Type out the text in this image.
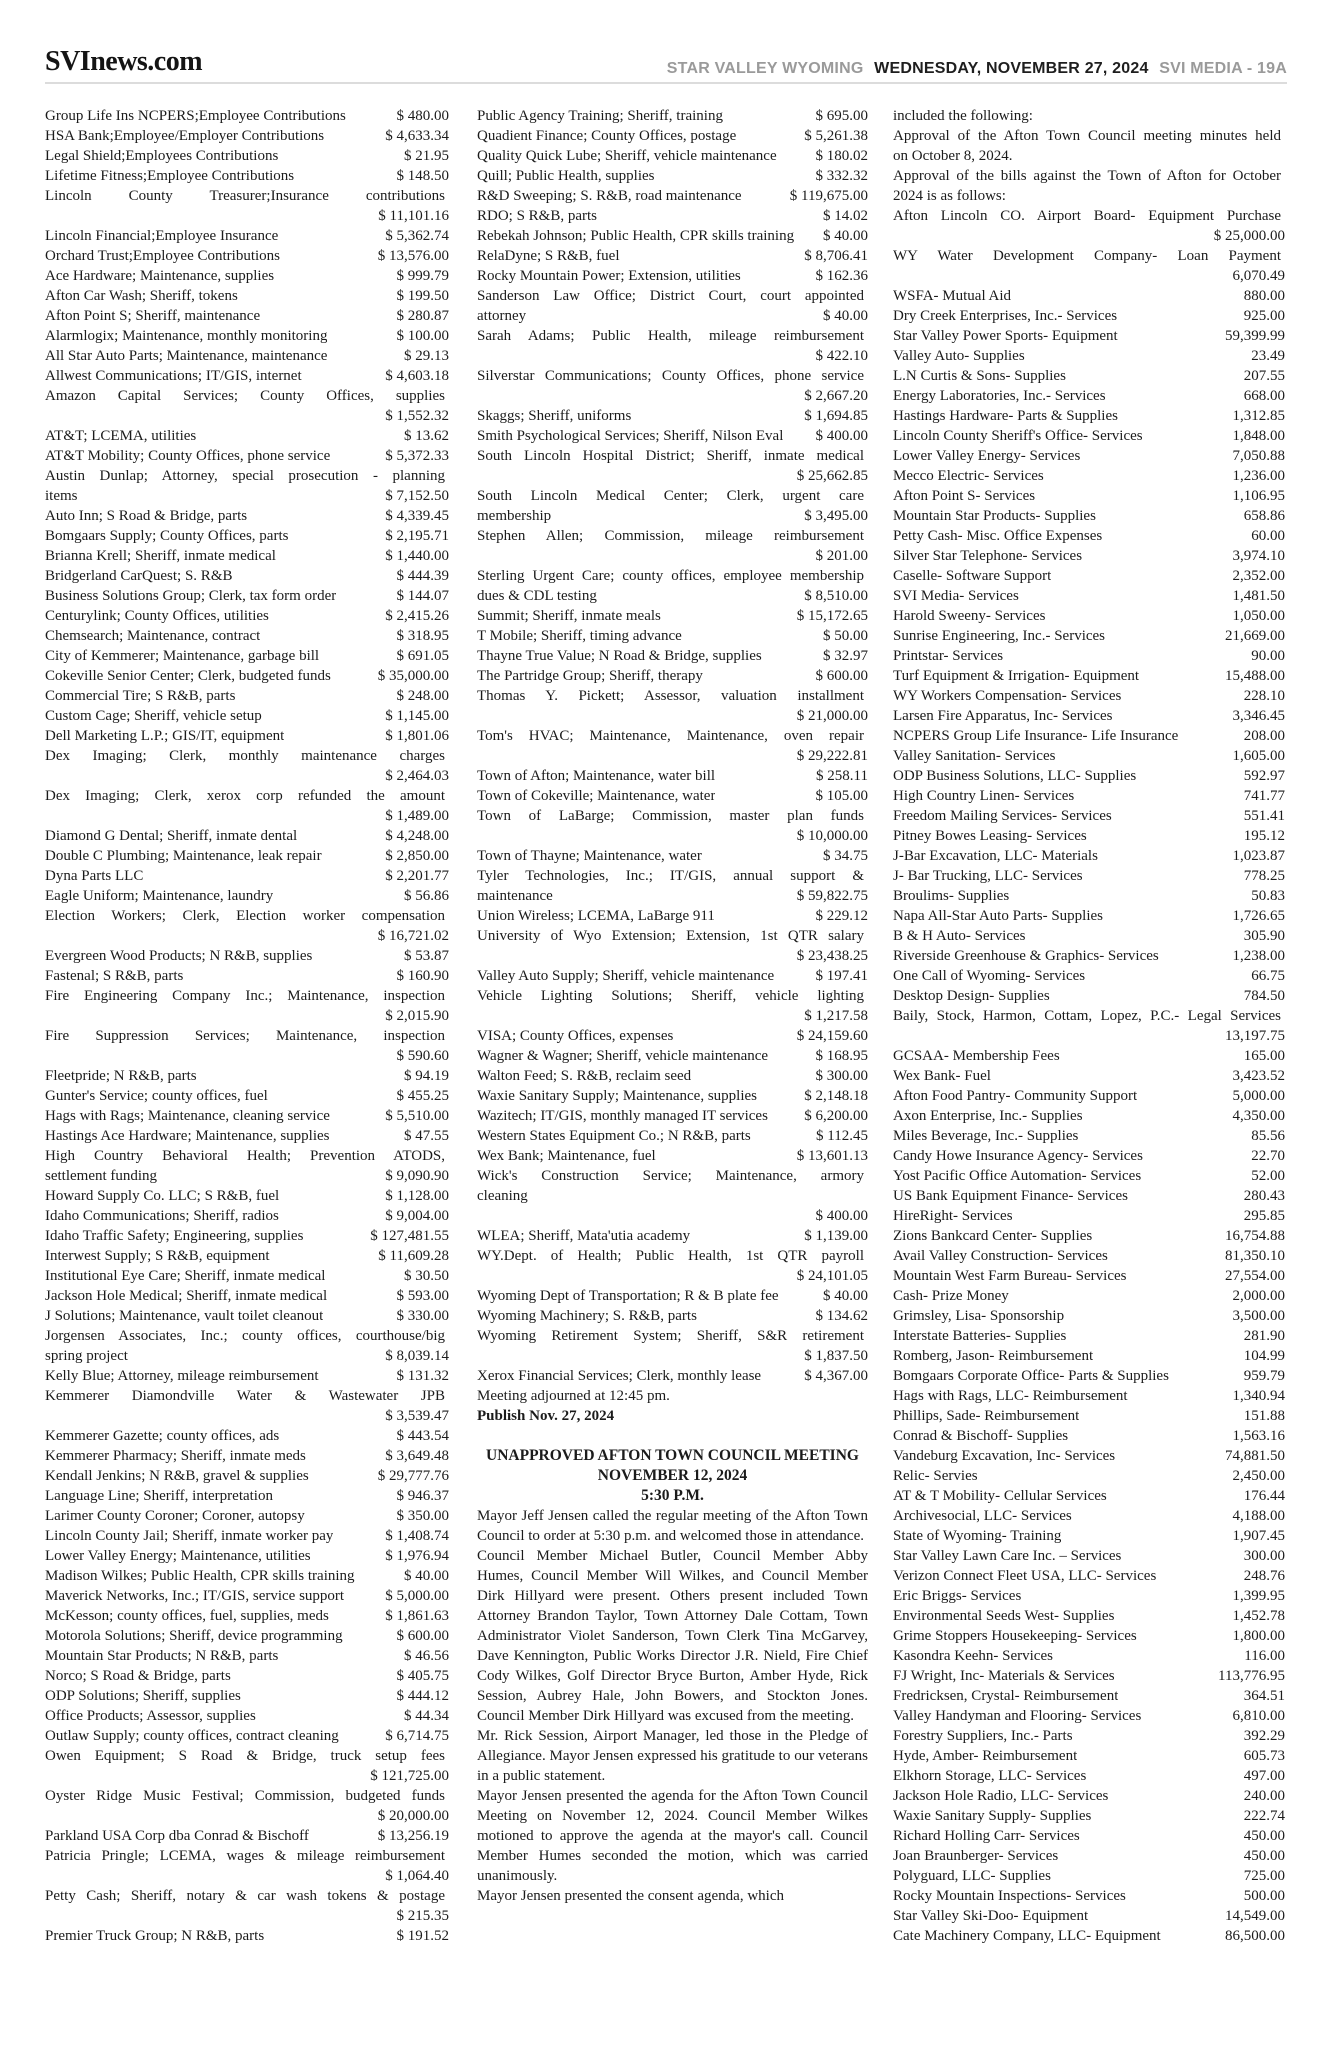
SVInews.com	STAR VALLEY WYOMING WEDNESDAY, NOVEMBER 27, 2024 SVI MEDIA - 19A
Group Life Ins NCPERS;Employee Contributions	$ 480.00
HSA Bank;Employee/Employer Contributions	$ 4,633.34
Legal Shield;Employees Contributions	$ 21.95
Lifetime Fitness;Employee Contributions	$ 148.50
Lincoln County Treasurer;Insurance contributions
$ 11,101.16
Lincoln Financial;Employee Insurance	$ 5,362.74
Orchard Trust;Employee Contributions	$ 13,576.00
Ace Hardware; Maintenance, supplies	$ 999.79
Afton Car Wash; Sheriff, tokens	$ 199.50
Afton Point S; Sheriff, maintenance	$ 280.87
Alarmlogix; Maintenance, monthly monitoring	$ 100.00
All Star Auto Parts; Maintenance, maintenance	$ 29.13
Allwest Communications; IT/GIS, internet	$ 4,603.18
Amazon Capital Services; County Offices, supplies
$ 1,552.32
AT&T; LCEMA, utilities	$ 13.62
AT&T Mobility; County Offices, phone service	$ 5,372.33
Austin Dunlap; Attorney, special prosecution - planning
items	$ 7,152.50
Auto Inn; S Road & Bridge, parts	$ 4,339.45
Bomgaars Supply; County Offices, parts	$ 2,195.71
Brianna Krell; Sheriff, inmate medical	$ 1,440.00
Bridgerland CarQuest; S. R&B	$ 444.39
Business Solutions Group; Clerk, tax form order	$ 144.07
Centurylink; County Offices, utilities	$ 2,415.26
Chemsearch; Maintenance, contract	$ 318.95
City of Kemmerer; Maintenance, garbage bill	$ 691.05
Cokeville Senior Center; Clerk, budgeted funds	$ 35,000.00
Commercial Tire; S R&B, parts	$ 248.00
Custom Cage; Sheriff, vehicle setup	$ 1,145.00
Dell Marketing L.P.; GIS/IT, equipment	$ 1,801.06
Dex Imaging; Clerk, monthly maintenance charges
$ 2,464.03
Dex Imaging; Clerk, xerox corp refunded the amount
$ 1,489.00
Diamond G Dental; Sheriff, inmate dental	$ 4,248.00
Double C Plumbing; Maintenance, leak repair	$ 2,850.00
Dyna Parts LLC	$ 2,201.77
Eagle Uniform; Maintenance, laundry	$ 56.86
Election Workers; Clerk, Election worker compensation
$ 16,721.02
Evergreen Wood Products; N R&B, supplies	$ 53.87
Fastenal; S R&B, parts	$ 160.90
Fire Engineering Company Inc.; Maintenance, inspection
$ 2,015.90
Fire Suppression Services; Maintenance, inspection
$ 590.60
Fleetpride; N R&B, parts	$ 94.19
Gunter's Service; county offices, fuel	$ 455.25
Hags with Rags; Maintenance, cleaning service	$ 5,510.00
Hastings Ace Hardware; Maintenance, supplies	$ 47.55
High Country Behavioral Health; Prevention ATODS,
settlement funding	$ 9,090.90
Howard Supply Co. LLC; S R&B, fuel	$ 1,128.00
Idaho Communications; Sheriff, radios	$ 9,004.00
Idaho Traffic Safety; Engineering, supplies	$ 127,481.55
Interwest Supply; S R&B, equipment	$ 11,609.28
Institutional Eye Care; Sheriff, inmate medical	$ 30.50
Jackson Hole Medical; Sheriff, inmate medical	$ 593.00
J Solutions; Maintenance, vault toilet cleanout	$ 330.00
Jorgensen Associates, Inc.; county offices, courthouse/big
spring project	$ 8,039.14
Kelly Blue; Attorney, mileage reimbursement	$ 131.32
Kemmerer Diamondville Water & Wastewater JPB
$ 3,539.47
Kemmerer Gazette; county offices, ads	$ 443.54
Kemmerer Pharmacy; Sheriff, inmate meds	$ 3,649.48
Kendall Jenkins; N R&B, gravel & supplies	$ 29,777.76
Language Line; Sheriff, interpretation	$ 946.37
Larimer County Coroner; Coroner, autopsy	$ 350.00
Lincoln County Jail; Sheriff, inmate worker pay	$ 1,408.74
Lower Valley Energy; Maintenance, utilities	$ 1,976.94
Madison Wilkes; Public Health, CPR skills training	$ 40.00
Maverick Networks, Inc.; IT/GIS, service support	$ 5,000.00
McKesson; county offices, fuel, supplies, meds	$ 1,861.63
Motorola Solutions; Sheriff, device programming	$ 600.00
Mountain Star Products; N R&B, parts	$ 46.56
Norco; S Road & Bridge, parts	$ 405.75
ODP Solutions; Sheriff, supplies	$ 444.12
Office Products; Assessor, supplies	$ 44.34
Outlaw Supply; county offices, contract cleaning	$ 6,714.75
Owen Equipment; S Road & Bridge, truck setup fees
$ 121,725.00
Oyster Ridge Music Festival; Commission, budgeted funds
$ 20,000.00
Parkland USA Corp dba Conrad & Bischoff	$ 13,256.19
Patricia Pringle; LCEMA, wages & mileage reimbursement
$ 1,064.40
Petty Cash; Sheriff, notary & car wash tokens & postage
$ 215.35
Premier Truck Group; N R&B, parts	$ 191.52
Public Agency Training; Sheriff, training	$ 695.00
Quadient Finance; County Offices, postage	$ 5,261.38
Quality Quick Lube; Sheriff, vehicle maintenance	$ 180.02
Quill; Public Health, supplies	$ 332.32
R&D Sweeping; S. R&B, road maintenance	$ 119,675.00
RDO; S R&B, parts	$ 14.02
Rebekah Johnson; Public Health, CPR skills training $ 40.00
RelaDyne; S R&B, fuel	$ 8,706.41
Rocky Mountain Power; Extension, utilities	$ 162.36
Sanderson Law Office; District Court, court appointed
attorney	$ 40.00
Sarah Adams; Public Health, mileage reimbursement
$ 422.10
Silverstar Communications; County Offices, phone service
$ 2,667.20
Skaggs; Sheriff, uniforms	$ 1,694.85
Smith Psychological Services; Sheriff, Nilson Eval $ 400.00
South Lincoln Hospital District; Sheriff, inmate medical
$ 25,662.85
South Lincoln Medical Center; Clerk, urgent care
membership	$ 3,495.00
Stephen Allen; Commission, mileage reimbursement
$ 201.00
Sterling Urgent Care; county offices, employee membership
dues & CDL testing	$ 8,510.00
Summit; Sheriff, inmate meals	$ 15,172.65
T Mobile; Sheriff, timing advance	$ 50.00
Thayne True Value; N Road & Bridge, supplies	$ 32.97
The Partridge Group; Sheriff, therapy	$ 600.00
Thomas Y. Pickett; Assessor, valuation installment
$ 21,000.00
Tom's HVAC; Maintenance, Maintenance, oven repair
$ 29,222.81
Town of Afton; Maintenance, water bill	$ 258.11
Town of Cokeville; Maintenance, water	$ 105.00
Town of LaBarge; Commission, master plan funds
$ 10,000.00
Town of Thayne; Maintenance, water	$ 34.75
Tyler Technologies, Inc.; IT/GIS, annual support &
maintenance	$ 59,822.75
Union Wireless; LCEMA, LaBarge 911	$ 229.12
University of Wyo Extension; Extension, 1st QTR salary
$ 23,438.25
Valley Auto Supply; Sheriff, vehicle maintenance	$ 197.41
Vehicle Lighting Solutions; Sheriff, vehicle lighting
$ 1,217.58
VISA; County Offices, expenses	$ 24,159.60
Wagner & Wagner; Sheriff, vehicle maintenance	$ 168.95
Walton Feed; S. R&B, reclaim seed	$ 300.00
Waxie Sanitary Supply; Maintenance, supplies	$ 2,148.18
Wazitech; IT/GIS, monthly managed IT services $ 6,200.00
Western States Equipment Co.; N R&B, parts	$ 112.45
Wex Bank; Maintenance, fuel	$ 13,601.13
Wick's Construction Service; Maintenance, armory
cleaning
$ 400.00
WLEA; Sheriff, Mata'utia academy	$ 1,139.00
WY.Dept. of Health; Public Health, 1st QTR payroll
$ 24,101.05
Wyoming Dept of Transportation; R & B plate fee	$ 40.00
Wyoming Machinery; S. R&B, parts	$ 134.62
Wyoming Retirement System; Sheriff, S&R retirement
$ 1,837.50
Xerox Financial Services; Clerk, monthly lease	$ 4,367.00
Meeting adjourned at 12:45 pm.
Publish Nov. 27, 2024
UNAPPROVED AFTON TOWN COUNCIL MEETING
NOVEMBER 12, 2024
5:30 P.M.

Mayor Jeff Jensen called the regular meeting of the Afton Town Council to order at 5:30 p.m. and welcomed those in attendance.

Council Member Michael Butler, Council Member Abby Humes, Council Member Will Wilkes, and Council Member Dirk Hillyard were present. Others present included Town Attorney Brandon Taylor, Town Attorney Dale Cottam, Town Administrator Violet Sanderson, Town Clerk Tina McGarvey, Dave Kennington, Public Works Director J.R. Nield, Fire Chief Cody Wilkes, Golf Director Bryce Burton, Amber Hyde, Rick Session, Aubrey Hale, John Bowers, and Stockton Jones. Council Member Dirk Hillyard was excused from the meeting.

Mr. Rick Session, Airport Manager, led those in the Pledge of Allegiance. Mayor Jensen expressed his gratitude to our veterans in a public statement.

Mayor Jensen presented the agenda for the Afton Town Council Meeting on November 12, 2024. Council Member Wilkes motioned to approve the agenda at the mayor's call. Council Member Humes seconded the motion, which was carried unanimously.

Mayor Jensen presented the consent agenda, which

included the following:
Approval of the Afton Town Council meeting minutes held
on October 8, 2024.
Approval of the bills against the Town of Afton for October
2024 is as follows:
Afton Lincoln CO. Airport Board- Equipment Purchase
$ 25,000.00
WY Water Development Company- Loan Payment
6,070.49
WSFA- Mutual Aid	880.00
Dry Creek Enterprises, Inc.- Services	925.00
Star Valley Power Sports- Equipment	59,399.99
Valley Auto- Supplies	23.49
L.N Curtis & Sons- Supplies	207.55
Energy Laboratories, Inc.- Services	668.00
Hastings Hardware- Parts & Supplies	1,312.85
Lincoln County Sheriff's Office- Services	1,848.00
Lower Valley Energy- Services	7,050.88
Mecco Electric- Services	1,236.00
Afton Point S- Services	1,106.95
Mountain Star Products- Supplies	658.86
Petty Cash- Misc. Office Expenses	60.00
Silver Star Telephone- Services	3,974.10
Caselle- Software Support	2,352.00
SVI Media- Services	1,481.50
Harold Sweeny- Services	1,050.00
Sunrise Engineering, Inc.- Services	21,669.00
Printstar- Services	90.00
Turf Equipment & Irrigation- Equipment	15,488.00
WY Workers Compensation- Services	228.10
Larsen Fire Apparatus, Inc- Services	3,346.45
NCPERS Group Life Insurance- Life Insurance	208.00
Valley Sanitation- Services	1,605.00
ODP Business Solutions, LLC- Supplies	592.97
High Country Linen- Services	741.77
Freedom Mailing Services- Services	551.41
Pitney Bowes Leasing- Services	195.12
J-Bar Excavation, LLC- Materials	1,023.87
J- Bar Trucking, LLC- Services	778.25
Broulims- Supplies	50.83
Napa All-Star Auto Parts- Supplies	1,726.65
B & H Auto- Services	305.90
Riverside Greenhouse & Graphics- Services	1,238.00
One Call of Wyoming- Services	66.75
Desktop Design- Supplies	784.50
Baily, Stock, Harmon, Cottam, Lopez, P.C.- Legal Services
13,197.75
GCSAA- Membership Fees	165.00
Wex Bank- Fuel	3,423.52
Afton Food Pantry- Community Support	5,000.00
Axon Enterprise, Inc.- Supplies	4,350.00
Miles Beverage, Inc.- Supplies	85.56
Candy Howe Insurance Agency- Services	22.70
Yost Pacific Office Automation- Services	52.00
US Bank Equipment Finance- Services	280.43
HireRight- Services	295.85
Zions Bankcard Center- Supplies	16,754.88
Avail Valley Construction- Services	81,350.10
Mountain West Farm Bureau- Services	27,554.00
Cash- Prize Money	2,000.00
Grimsley, Lisa- Sponsorship	3,500.00
Interstate Batteries- Supplies	281.90
Romberg, Jason- Reimbursement	104.99
Bomgaars Corporate Office- Parts & Supplies	959.79
Hags with Rags, LLC- Reimbursement	1,340.94
Phillips, Sade- Reimbursement	151.88
Conrad & Bischoff- Supplies	1,563.16
Vandeburg Excavation, Inc- Services	74,881.50
Relic- Servies	2,450.00
AT & T Mobility- Cellular Services	176.44
Archivesocial, LLC- Services	4,188.00
State of Wyoming- Training	1,907.45
Star Valley Lawn Care Inc. – Services	300.00
Verizon Connect Fleet USA, LLC- Services	248.76
Eric Briggs- Services	1,399.95
Environmental Seeds West- Supplies	1,452.78
Grime Stoppers Housekeeping- Services	1,800.00
Kasondra Keehn- Services	116.00
FJ Wright, Inc- Materials & Services	113,776.95
Fredricksen, Crystal- Reimbursement	364.51
Valley Handyman and Flooring- Services	6,810.00
Forestry Suppliers, Inc.- Parts	392.29
Hyde, Amber- Reimbursement	605.73
Elkhorn Storage, LLC- Services	497.00
Jackson Hole Radio, LLC- Services	240.00
Waxie Sanitary Supply- Supplies	222.74
Richard Holling Carr- Services	450.00
Joan Braunberger- Services	450.00
Polyguard, LLC- Supplies	725.00
Rocky Mountain Inspections- Services	500.00
Star Valley Ski-Doo- Equipment	14,549.00
Cate Machinery Company, LLC- Equipment	86,500.00
